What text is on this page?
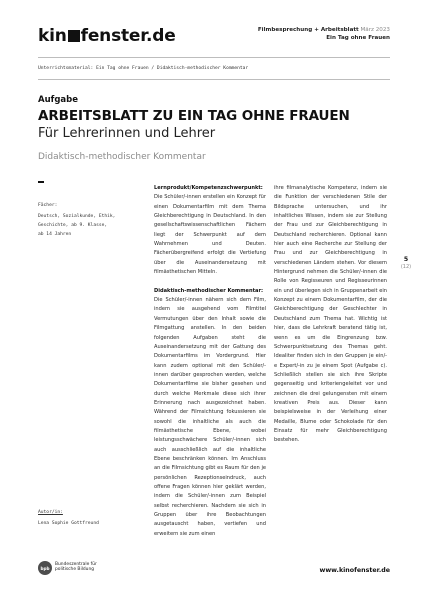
kin fenster.de	Filmbesprechung + Arbeitsblatt März 2023
Ein Tag ohne Frauen
Unterrichtsmaterial: Ein Tag ohne Frauen / Didaktisch-methodischer Kommentar
Aufgabe
ARBEITSBLATT ZU EIN TAG OHNE FRAUEN
Für Lehrerinnen und Lehrer
Didaktisch-methodischer Kommentar
Fächer:
Deutsch, Sozialkunde, Ethik,
Geschichte, ab 9. Klasse,
ab 14 Jahren
Autor/in:
Lena Sophie Gottfreund
Lernprodukt/Kompetenzschwerpunkt:

Die Schüler/-innen erstellen ein Konzept für einen Dokumentarfilm mit dem Thema Gleichberechtigung in Deutschland. In den gesellschaftswissenschaftlichen Fächern liegt der Schwerpunkt auf dem Wahrnehmen und Deuten. Fächerübergreifend erfolgt die Vertiefung über die Auseinandersetzung mit filmästhetischen Mitteln.

Didaktisch-methodischer Kommentar:

Die Schüler/-innen nähern sich dem Film, indem sie ausgehend vom Filmtitel Vermutungen über den Inhalt sowie die Filmgattung anstellen. In den beiden folgenden Aufgaben steht die Auseinandersetzung mit der Gattung des Dokumentarfilms im Vordergrund. Hier kann zudem optional mit den Schüler/-innen darüber gesprochen werden, welche Dokumentarfilme sie bisher gesehen und durch welche Merkmale diese sich ihrer Erinnerung nach ausgezeichnet haben. Während der Filmsichtung fokussieren sie sowohl die inhaltliche als auch die filmästhetische Ebene, wobei leistungsschwächere Schüler/-innen sich auch ausschließlich auf die inhaltliche Ebene beschränken können. Im Anschluss an die Filmsichtung gibt es Raum für den je persönlichen Rezeptionseindruck, auch offene Fragen können hier geklärt werden, indem die Schüler/-innen zum Beispiel selbst recherchieren. Nachdem sie sich in Gruppen über ihre Beobachtungen ausgetauscht haben, vertiefen und erweitern sie zum einen

ihre filmanalytische Kompetenz, indem sie die Funktion der verschiedenen Stile der Bildsprache untersuchen, und ihr inhaltliches Wissen, indem sie zur Stellung der Frau und zur Gleichberechtigung in Deutschland recherchieren. Optional kann hier auch eine Recherche zur Stellung der Frau und zur Gleichberechtigung in verschiedenen Ländern stehen. Vor diesem Hintergrund nehmen die Schüler/-innen die Rolle von Regisseuren und Regisseurinnen ein und überlegen sich in Gruppenarbeit ein Konzept zu einem Dokumentarfilm, der die Gleichberechtigung der Geschlechter in Deutschland zum Thema hat. Wichtig ist hier, dass die Lehrkraft beratend tätig ist, wenn es um die Eingrenzung bzw. Schwerpunktsetzung des Themas geht. Idealiter finden sich in den Gruppen je ein/-e Expert/-in zu je einem Spot (Aufgabe c). Schließlich stellen sie sich ihre Skripte gegenseitig und kriteriengeleitet vor und zeichnen die drei gelungensten mit einem kreativen Preis aus. Dieser kann beispielsweise in der Verleihung einer Medaille, Blume oder Schokolade für den Einsatz für mehr Gleichberechtigung bestehen.

5
(12)
bpb
Bundeszentrale für
politische Bildung	www.kinofenster.de
